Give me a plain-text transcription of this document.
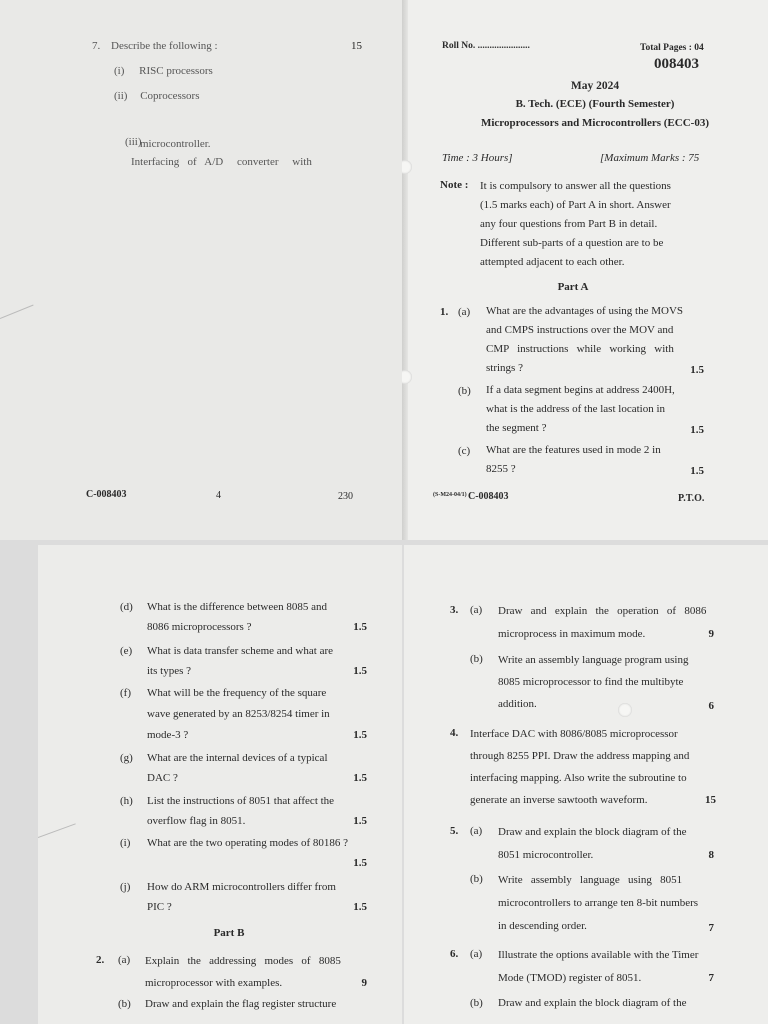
7. Describe the following :	15
(i) RISC processors
(ii) Coprocessors

(iii)
Interfacing   of   A/D     converter     with

microcontroller.
C-008403	4	230
Roll No. ......................	Total Pages : 04
008403
May 2024
B. Tech. (ECE) (Fourth Semester)
Microprocessors and Microcontrollers (ECC-03)
Time : 3 Hours]	[Maximum Marks : 75
Note : It is compulsory to answer all the questions
(1.5 marks each) of Part A in short. Answer
any four questions from Part B in detail.
Different sub-parts of a question are to be
attempted adjacent to each other.
Part A
1. (a) What are the advantages of using the MOVS
and CMPS instructions over the MOV and
CMP   instructions   while   working   with
strings ?	1.5
(b) If a data segment begins at address 2400H,
what is the address of the last location in
the segment ?	1.5
(c) What are the features used in mode 2 in
8255 ?	1.5
(S-M24-04/1) C-008403	P.T.O.
(d) What is the difference between 8085 and
8086 microprocessors ?	1.5
(e) What is data transfer scheme and what are
its types ?	1.5
(f) What will be the frequency of the square
wave generated by an 8253/8254 timer in
mode-3 ?	1.5
(g) What are the internal devices of a typical
DAC ?	1.5
(h) List the instructions of 8051 that affect the
overflow flag in 8051.	1.5
(i) What are the two operating modes of 80186 ?
1.5
(j) How do ARM microcontrollers differ from
PIC ?	1.5
Part B
2. (a) Explain   the   addressing   modes   of   8085
microprocessor with examples.	9
(b) Draw and explain the flag register structure
3. (a) Draw   and   explain   the   operation   of   8086
microprocess in maximum mode.	9
(b) Write an assembly language program using
8085 microprocessor to find the multibyte
addition.	6
4. Interface DAC with 8086/8085 microprocessor
through 8255 PPI. Draw the address mapping and
interfacing mapping. Also write the subroutine to
generate an inverse sawtooth waveform.	15
5. (a) Draw and explain the block diagram of the
8051 microcontroller.	8
(b) Write   assembly   language   using   8051
microcontrollers to arrange ten 8-bit numbers
in descending order.	7
6. (a) Illustrate the options available with the Timer
Mode (TMOD) register of 8051.	7
(b) Draw and explain the block diagram of the
